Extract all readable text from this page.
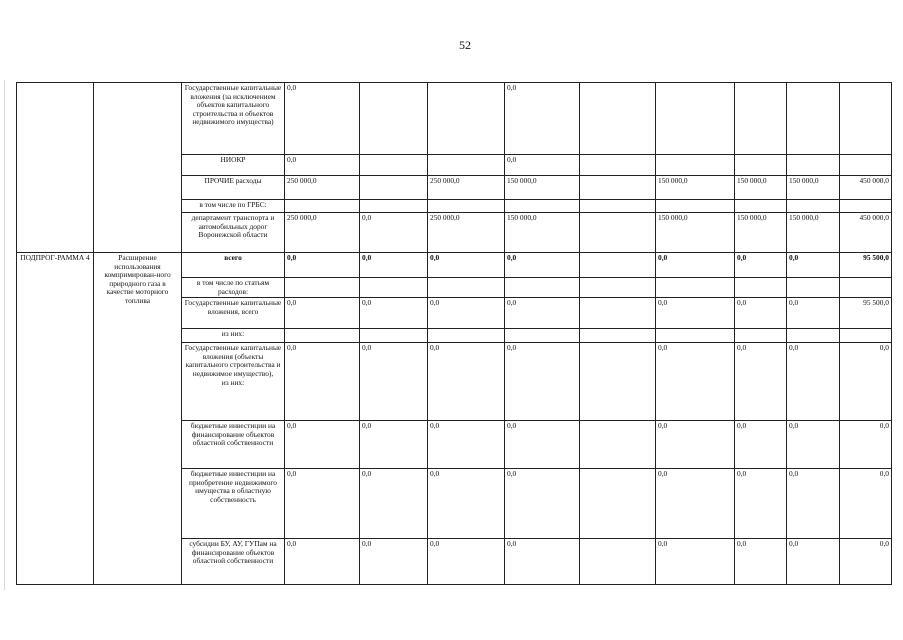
52
		Государственные капитальные вложения (за исключением объектов капитального строительства и объектов недвижимого имущества)	0,0			0,0					
		НИОКР	0,0			0,0					
		ПРОЧИЕ расходы	250 000,0		250 000,0	150 000,0		150 000,0	150 000,0	150 000,0	450 000,0
		в том числе по ГРБС:									
		департамент транспорта и автомобильных дорог Воронежской области	250 000,0	0,0	250 000,0	150 000,0		150 000,0	150 000,0	150 000,0	450 000,0
ПОДПРОГ-РАММА 4	Расширение использования компримирован-ного природного газа в качестве моторного топлива	всего	0,0	0,0	0,0	0,0		0,0	0,0	0,0	95 500,0
		в том числе по статьям расходов:									
		Государственные капитальные вложения, всего	0,0	0,0	0,0	0,0		0,0	0,0	0,0	95 500,0
		из них:									

		Государственные капитальные вложения (объекты капитального строительства и недвижимое имущество),
из них:	0,0	0,0	0,0	0,0		0,0	0,0	0,0	0,0
		бюджетные инвестиции на финансирование объектов областной собственности	0,0	0,0	0,0	0,0		0,0	0,0	0,0	0,0
		бюджетные инвестиции на приобретение недвижимого имущества в областную собственность	0,0	0,0	0,0	0,0		0,0	0,0	0,0	0,0
		субсидии БУ, АУ, ГУПам на финансирование объектов областной собственности	0,0	0,0	0,0	0,0		0,0	0,0	0,0	0,0
